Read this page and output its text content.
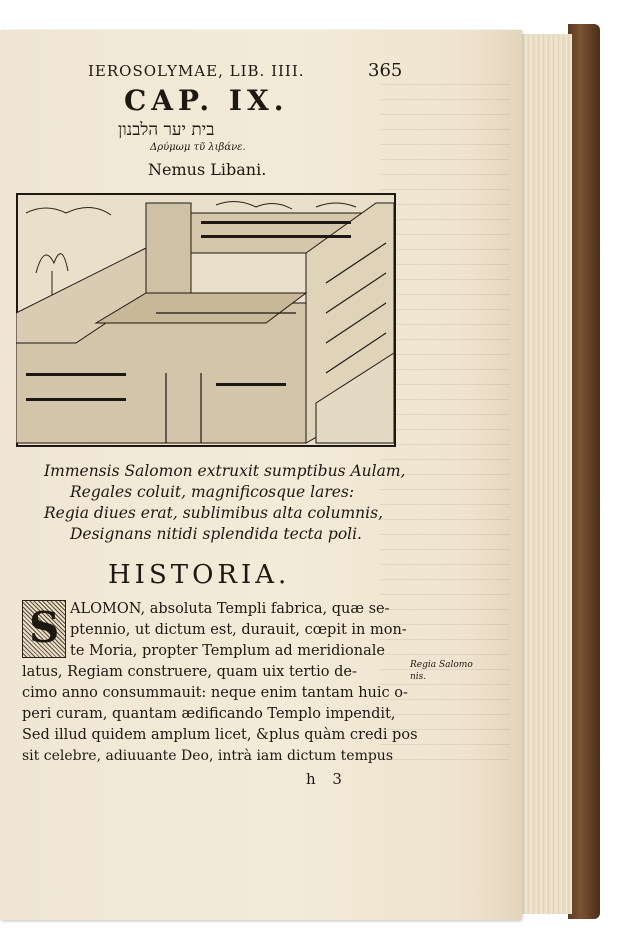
IEROSOLYMAE, LIB. IIII.	365
CAP. IX.
בית יער הלבנון
Δρύμωμ τῦ λιβάνε.
Nemus Libani.
Immensis Salomon extruxit sumptibus Aulam,
Regales coluit, magnificosque lares:
Regia diues erat, sublimibus alta columnis,
Designans nitidi splendida tecta poli.
HISTORIA.
S ALOMON, absoluta Templi fabrica, quæ se-
ptennio, ut dictum est, durauit, cœpit in mon-
te Moria, propter Templum ad meridionale
latus, Regiam construere, quam uix tertio de-
cimo anno consummauit: neque enim tantam huic o-
peri curam, quantam ædificando Templo impendit,
Sed illud quidem amplum licet, &plus quàm credi pos
sit celebre, adiuuante Deo, intrà iam dictum tempus
Regia Salomo
nis.
h 3
